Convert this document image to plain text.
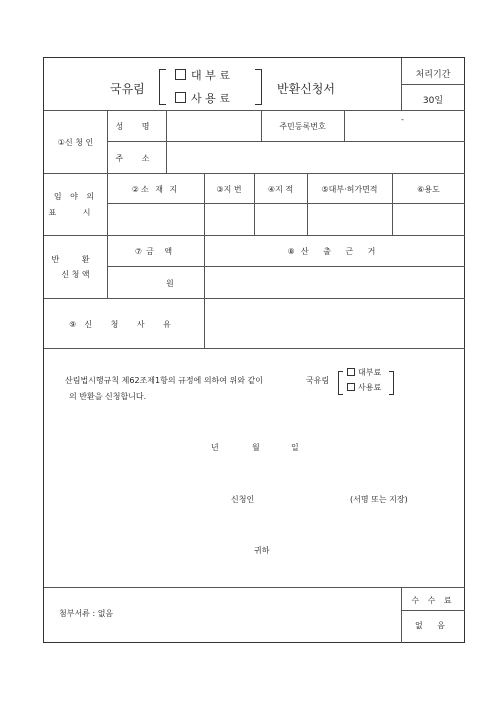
국유림
대 부 료
사 용 료
반환신청서
처리기간
30일
①신 청 인
성 명	주민등록번호
-
주 소
임 야 의
표 시
②소 재 지	③지 번	④지 적	⑤대부·허가면적	⑥용도
반 환
신 청 액
⑦금 액	⑧산 출 근 거
원
⑨신 청 사 유
산림법시행규칙 제62조제1항의 규정에 의하여 위와 같이	국유림
대부료
사용료
의 반환을 신청합니다.
년	월	일
신청인	(서명 또는 지장)
귀하
첨부서류 : 없음
수 수 료
없 음
